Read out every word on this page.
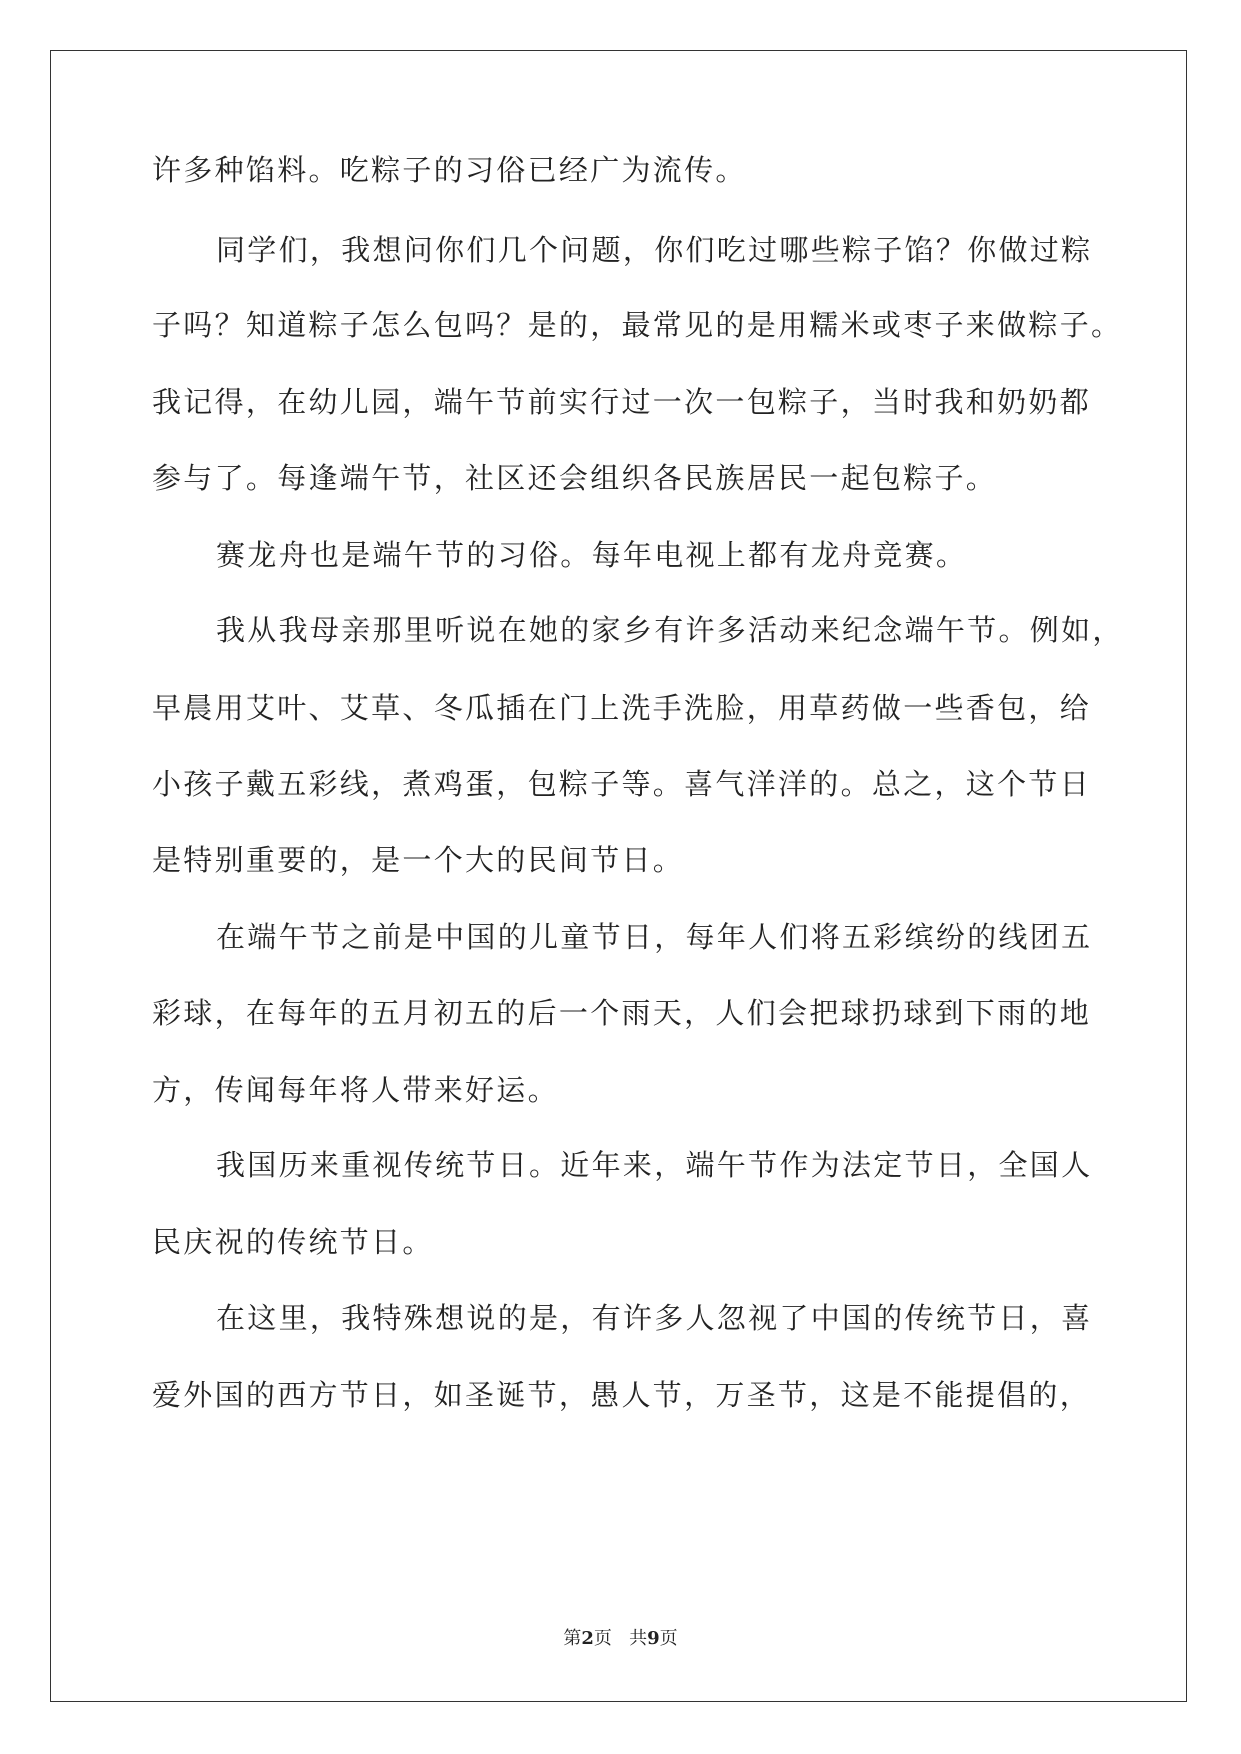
许多种馅料。吃粽子的习俗已经广为流传。
同学们，我想问你们几个问题，你们吃过哪些粽子馅？你做过粽
子吗？知道粽子怎么包吗？是的，最常见的是用糯米或枣子来做粽子。
我记得，在幼儿园，端午节前实行过一次一包粽子，当时我和奶奶都
参与了。每逢端午节，社区还会组织各民族居民一起包粽子。
赛龙舟也是端午节的习俗。每年电视上都有龙舟竞赛。
我从我母亲那里听说在她的家乡有许多活动来纪念端午节。例如，
早晨用艾叶、艾草、冬瓜插在门上洗手洗脸，用草药做一些香包，给
小孩子戴五彩线，煮鸡蛋，包粽子等。喜气洋洋的。总之，这个节日
是特别重要的，是一个大的民间节日。
在端午节之前是中国的儿童节日，每年人们将五彩缤纷的线团五
彩球，在每年的五月初五的后一个雨天，人们会把球扔球到下雨的地
方，传闻每年将人带来好运。
我国历来重视传统节日。近年来，端午节作为法定节日，全国人
民庆祝的传统节日。
在这里，我特殊想说的是，有许多人忽视了中国的传统节日，喜
爱外国的西方节日，如圣诞节，愚人节，万圣节，这是不能提倡的，
第2页 共9页
